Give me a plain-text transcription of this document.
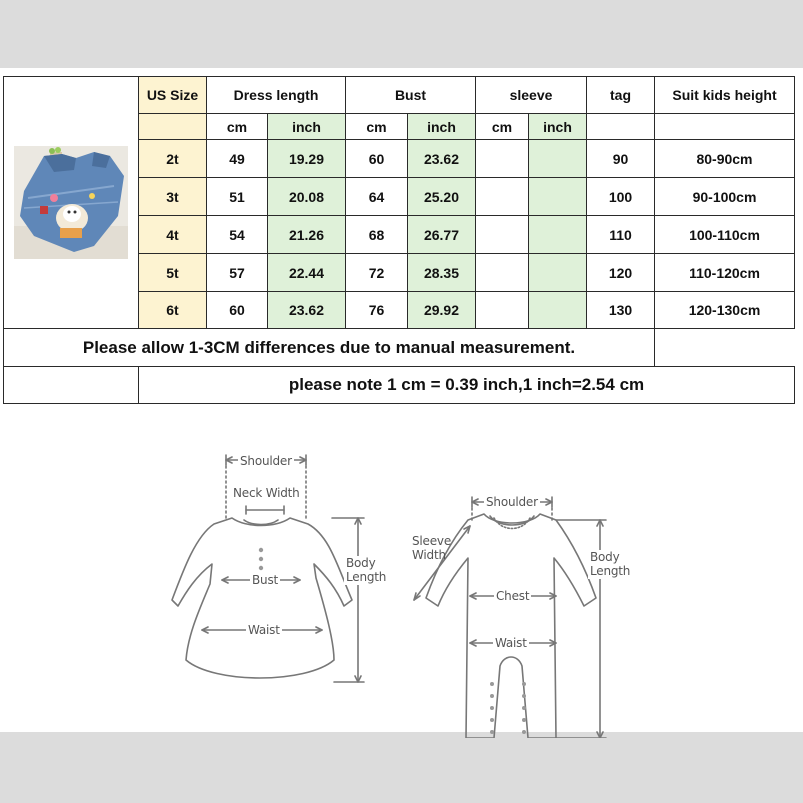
	US Size	Dress length		Bust		sleeve		tag	Suit kids height
		cm	inch	cm	inch	cm	inch		
	2t	49	19.29	60	23.62			90	80-90cm
	3t	51	20.08	64	25.20			100	90-100cm
	4t	54	21.26	68	26.77			110	100-110cm
	5t	57	22.44	72	28.35			120	110-120cm
	6t	60	23.62	76	29.92			130	120-130cm
Please allow 1-3CM differences due to manual measurement.									
	please note 1 cm = 0.39 inch,1 inch=2.54 cm								
Shoulder
Neck Width
Bust
Waist
Body
Length
Shoulder
Sleeve
Width
Chest
Waist
Body
Length
